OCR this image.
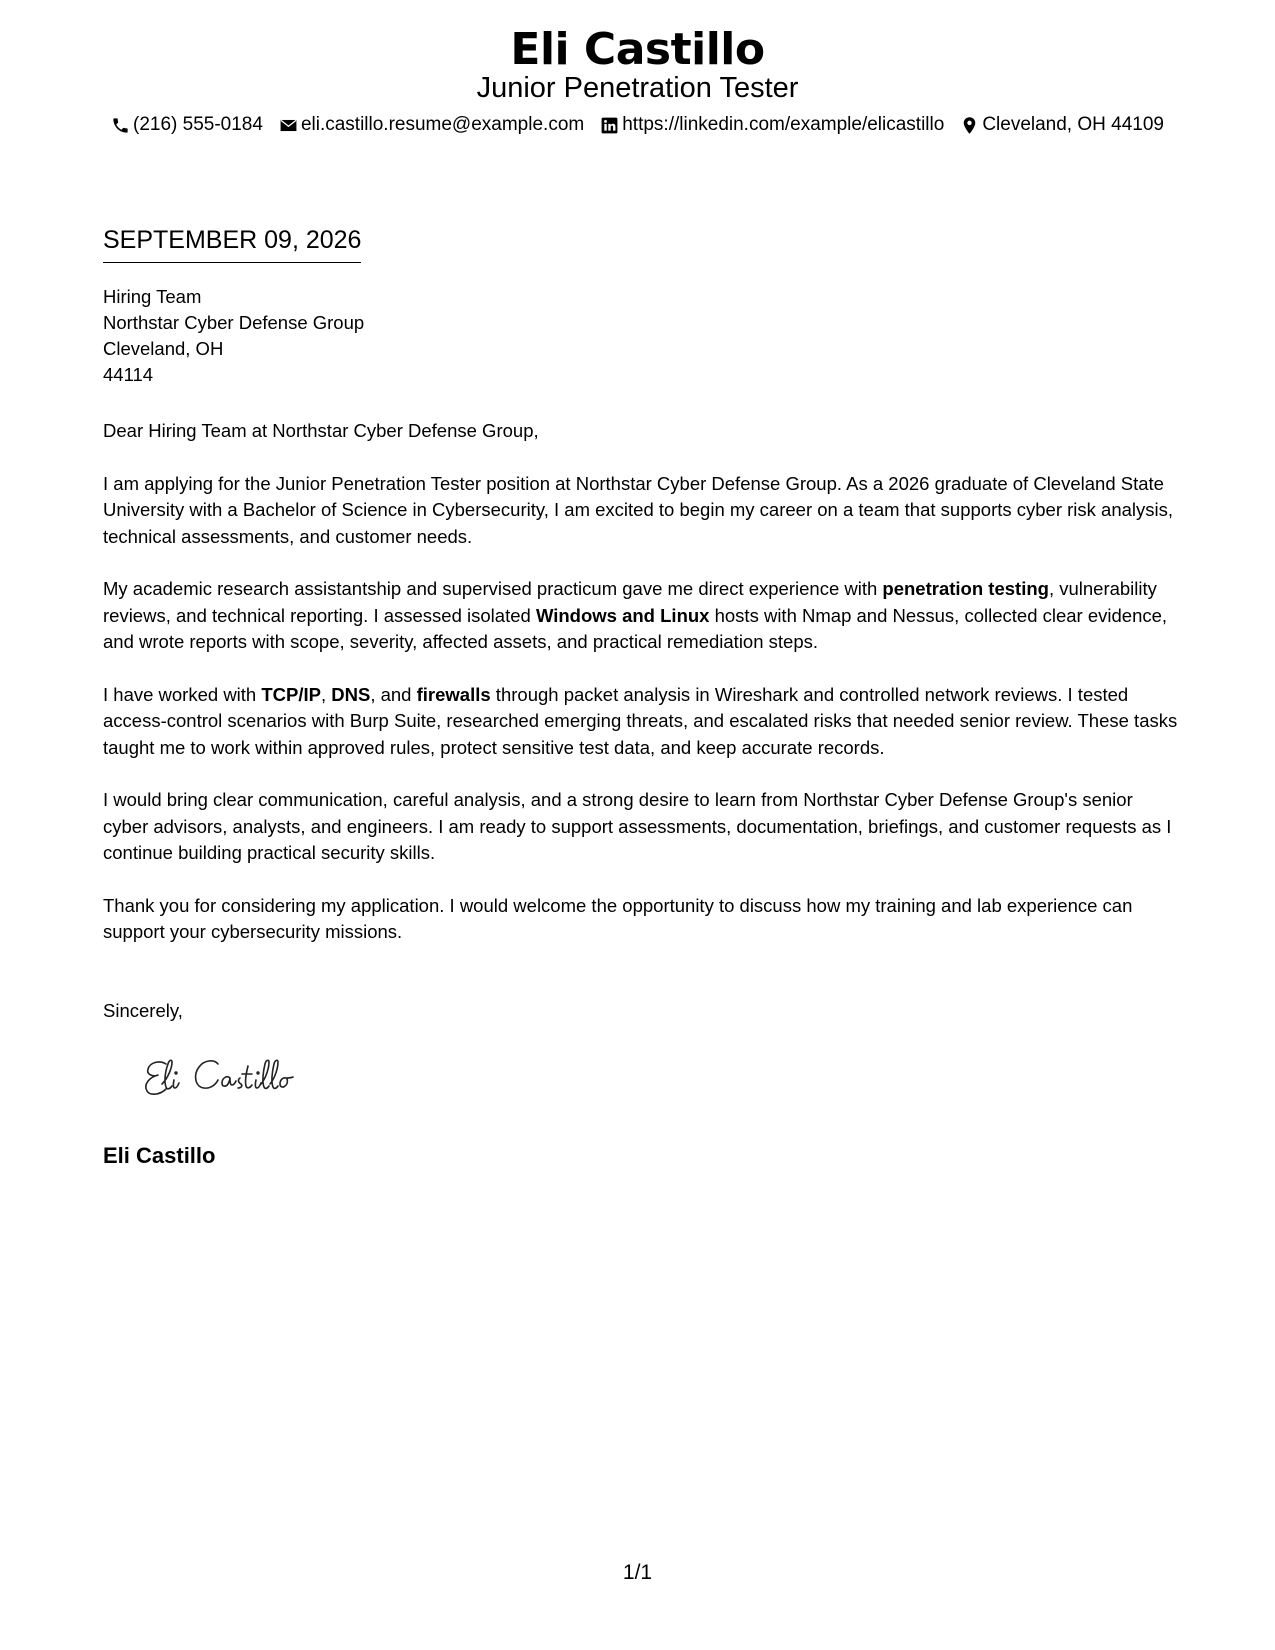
Eli Castillo
Junior Penetration Tester
(216) 555-0184 eli.castillo.resume@example.com https://linkedin.com/example/elicastillo Cleveland, OH 44109
SEPTEMBER 09, 2026
Hiring Team
Northstar Cyber Defense Group
Cleveland, OH
44114

Dear Hiring Team at Northstar Cyber Defense Group,

I am applying for the Junior Penetration Tester position at Northstar Cyber Defense Group. As a 2026 graduate of Cleveland State University with a Bachelor of Science in Cybersecurity, I am excited to begin my career on a team that supports cyber risk analysis, technical assessments, and customer needs.

My academic research assistantship and supervised practicum gave me direct experience with penetration testing, vulnerability reviews, and technical reporting. I assessed isolated Windows and Linux hosts with Nmap and Nessus, collected clear evidence, and wrote reports with scope, severity, affected assets, and practical remediation steps.

I have worked with TCP/IP, DNS, and firewalls through packet analysis in Wireshark and controlled network reviews. I tested access-control scenarios with Burp Suite, researched emerging threats, and escalated risks that needed senior review. These tasks taught me to work within approved rules, protect sensitive test data, and keep accurate records.

I would bring clear communication, careful analysis, and a strong desire to learn from Northstar Cyber Defense Group's senior cyber advisors, analysts, and engineers. I am ready to support assessments, documentation, briefings, and customer requests as I continue building practical security skills.

Thank you for considering my application. I would welcome the opportunity to discuss how my training and lab experience can support your cybersecurity missions.

Sincerely,
Eli Castillo
1/1
